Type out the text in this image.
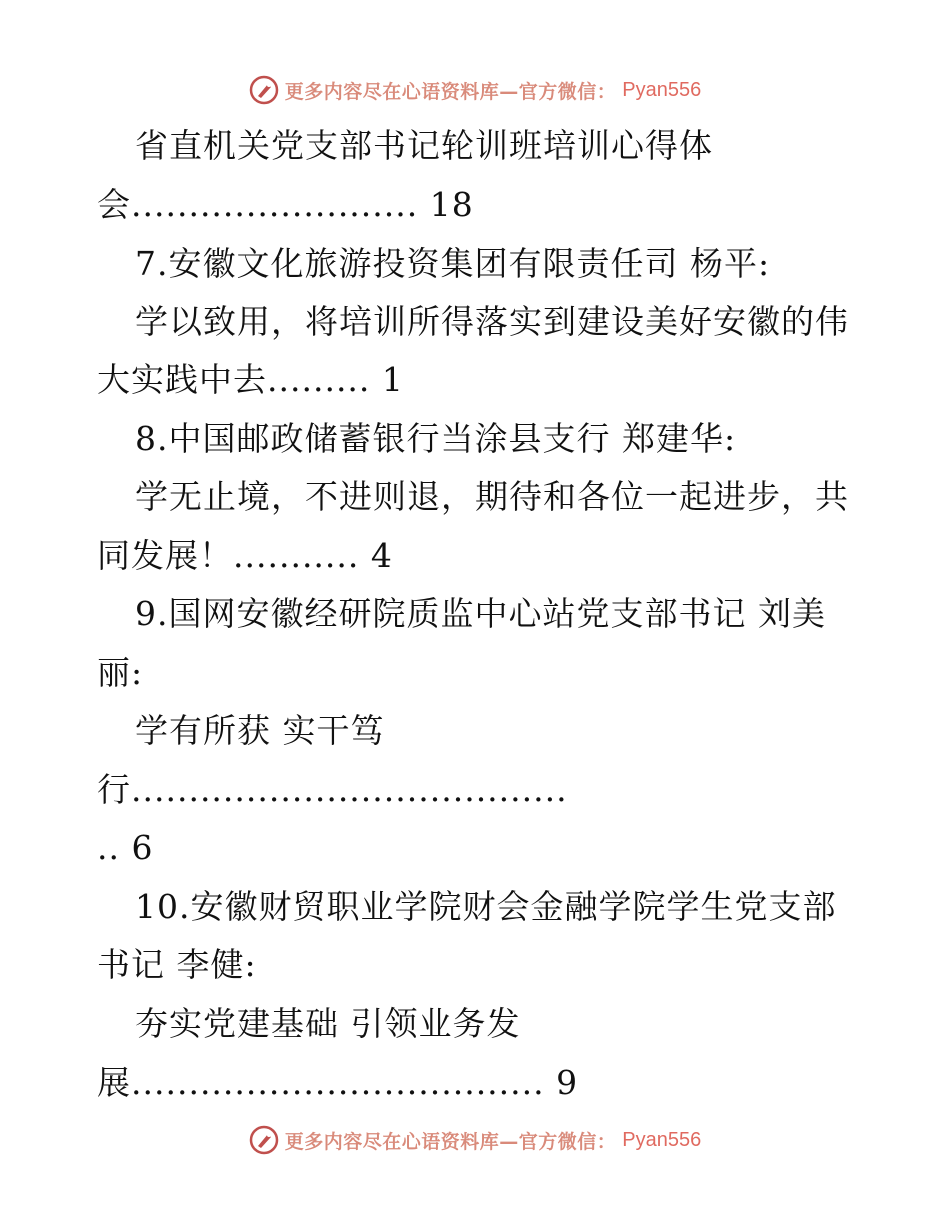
更多内容尽在心语资料库—官方微信： Pyan556
省直机关党支部书记轮训班培训心得体
会......................... 18
7.安徽文化旅游投资集团有限责任司 杨平:
学以致用，将培训所得落实到建设美好安徽的伟
大实践中去......... 1
8.中国邮政储蓄银行当涂县支行 郑建华:
学无止境，不进则退，期待和各位一起进步，共
同发展！........... 4
9.国网安徽经研院质监中心站党支部书记 刘美
丽:
学有所获 实干笃
行......................................
.. 6
10.安徽财贸职业学院财会金融学院学生党支部
书记 李健:
夯实党建基础 引领业务发
展.................................... 9
更多内容尽在心语资料库—官方微信： Pyan556
